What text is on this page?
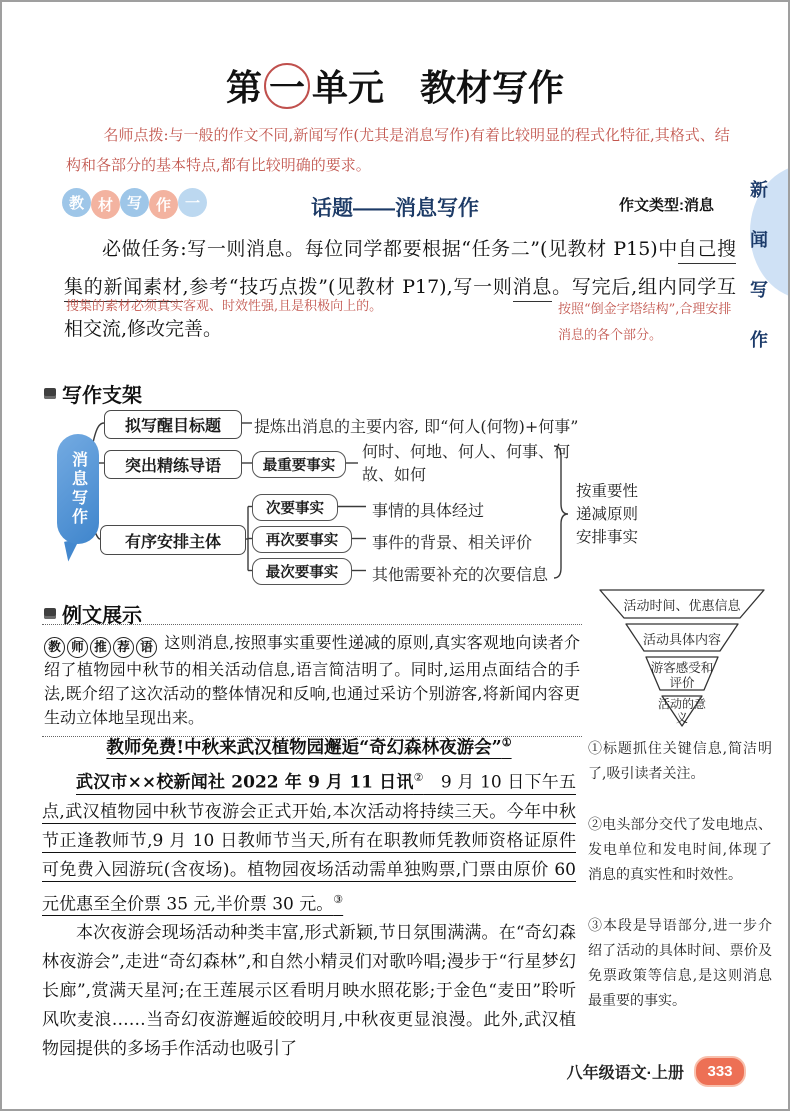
新
闻
写
作
第 一 单元 教材写作
名师点拨:与一般的作文不同,新闻写作(尤其是消息写作)有着比较明显的程式化特征,其格式、结构和各部分的基本特点,都有比较明确的要求。
教 材 写 作 一	话题——消息写作	作文类型:消息
必做任务:写一则消息。每位同学都要根据“任务二”(见教材 P15)中自己搜
集的新闻素材,参考“技巧点拨”(见教材 P17),写一则消息。写完后,组内同学互
相交流,修改完善。
搜集的素材必须真实客观、时效性强,且是积极向上的。	按照“倒金字塔结构”,合理安排消息的各个部分。
写作支架
消息写作
拟写醒目标题	提炼出消息的主要内容, 即“何人(何物)+何事”
突出精练导语	最重要事实
何时、何地、何人、何事、何故、如何
有序安排主体
次要事实	事情的具体经过
再次要事实	事件的背景、相关评价
最次要事实	其他需要补充的次要信息
按重要性递减原则安排事实
例文展示
教 师 推 荐 语 这则消息,按照事实重要性递减的原则,真实客观地向读者介绍了植物园中秋节的相关活动信息,语言简洁明了。同时,运用点面结合的手法,既介绍了这次活动的整体情况和反响,也通过采访个别游客,将新闻内容更生动立体地呈现出来。
活动时间、优惠信息
活动具体内容
游客感受和评价
活动的意义
教师免费!中秋来武汉植物园邂逅“奇幻森林夜游会”①

武汉市××校新闻社 2022 年 9 月 11 日讯②　9 月 10 日下午五点,武汉植物园中秋节夜游会正式开始,本次活动将持续三天。今年中秋节正逢教师节,9 月 10 日教师节当天,所有在职教师凭教师资格证原件可免费入园游玩(含夜场)。植物园夜场活动需单独购票,门票由原价 60 元优惠至全价票 35 元,半价票 30 元。③

本次夜游会现场活动种类丰富,形式新颖,节日氛围满满。在“奇幻森林夜游会”,走进“奇幻森林”,和自然小精灵们对歌吟唱;漫步于“行星梦幻长廊”,赏满天星河;在王莲展示区看明月映水照花影;于金色“麦田”聆听风吹麦浪……当奇幻夜游邂逅皎皎明月,中秋夜更显浪漫。此外,武汉植物园提供的多场手作活动也吸引了

①标题抓住关键信息,简洁明了,吸引读者关注。

②电头部分交代了发电地点、发电单位和发电时间,体现了消息的真实性和时效性。

③本段是导语部分,进一步介绍了活动的具体时间、票价及免票政策等信息,是这则消息最重要的事实。

八年级语文·上册	333
